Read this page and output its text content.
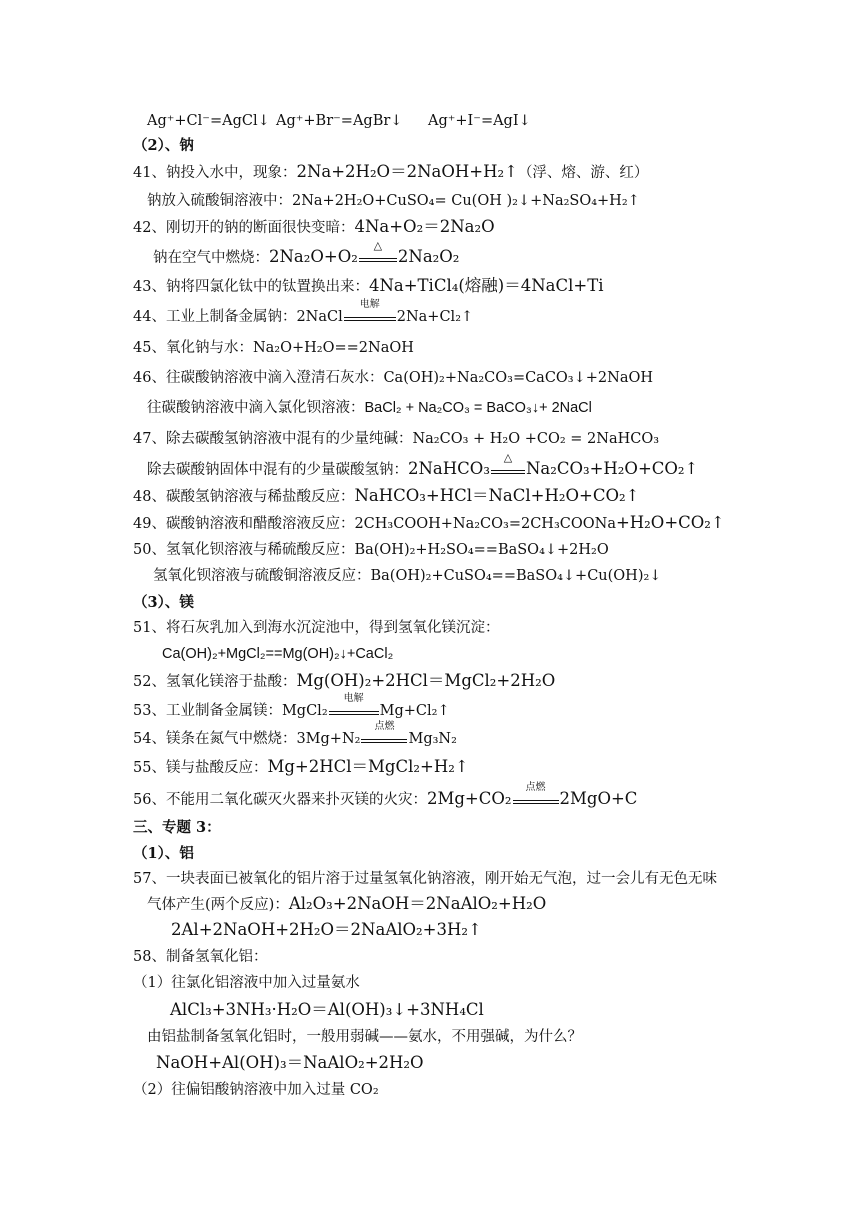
Ag⁺+Cl⁻=AgCl↓ Ag⁺+Br⁻=AgBr↓ Ag⁺+I⁻=AgI↓
（2）、钠
41、钠投入水中，现象：2Na+2H₂O＝2NaOH+H₂↑（浮、熔、游、红）
钠放入硫酸铜溶液中：2Na+2H₂O+CuSO₄= Cu(OH )₂↓+Na₂SO₄+H₂↑
42、刚切开的钠的断面很快变暗：4Na+O₂＝2Na₂O
钠在空气中燃烧：2Na₂O+O₂
△
2Na₂O₂
43、钠将四氯化钛中的钛置换出来：4Na+TiCl₄(熔融)＝4NaCl+Ti
44、工业上制备金属钠：2NaCl
电解
2Na+Cl₂↑
45、氧化钠与水：Na₂O+H₂O==2NaOH
46、往碳酸钠溶液中滴入澄清石灰水：Ca(OH)₂+Na₂CO₃=CaCO₃↓+2NaOH
往碳酸钠溶液中滴入氯化钡溶液：BaCl₂ + Na₂CO₃ = BaCO₃↓+ 2NaCl
47、除去碳酸氢钠溶液中混有的少量纯碱：Na₂CO₃ + H₂O +CO₂ = 2NaHCO₃
除去碳酸钠固体中混有的少量碳酸氢钠：2NaHCO₃
△
Na₂CO₃+H₂O+CO₂↑
48、碳酸氢钠溶液与稀盐酸反应：NaHCO₃+HCl＝NaCl+H₂O+CO₂↑
49、碳酸钠溶液和醋酸溶液反应：2CH₃COOH+Na₂CO₃=2CH₃COONa+H₂O+CO₂↑
50、氢氧化钡溶液与稀硫酸反应：Ba(OH)₂+H₂SO₄==BaSO₄↓+2H₂O
氢氧化钡溶液与硫酸铜溶液反应：Ba(OH)₂+CuSO₄==BaSO₄↓+Cu(OH)₂↓
（3）、镁
51、将石灰乳加入到海水沉淀池中，得到氢氧化镁沉淀：
Ca(OH)₂+MgCl₂==Mg(OH)₂↓+CaCl₂
52、氢氧化镁溶于盐酸：Mg(OH)₂+2HCl＝MgCl₂+2H₂O
53、工业制备金属镁：MgCl₂
电解
Mg+Cl₂↑
54、镁条在氮气中燃烧：3Mg+N₂
点燃
Mg₃N₂
55、镁与盐酸反应：Mg+2HCl＝MgCl₂+H₂↑
56、不能用二氧化碳灭火器来扑灭镁的火灾：2Mg+CO₂
点燃
2MgO+C
三、专题 3：
（1）、铝
57、一块表面已被氧化的铝片溶于过量氢氧化钠溶液，刚开始无气泡，过一会儿有无色无味
气体产生(两个反应)：Al₂O₃+2NaOH＝2NaAlO₂+H₂O
2Al+2NaOH+2H₂O＝2NaAlO₂+3H₂↑
58、制备氢氧化铝：
（1）往氯化铝溶液中加入过量氨水
AlCl₃+3NH₃·H₂O＝Al(OH)₃↓+3NH₄Cl
由铝盐制备氢氧化铝时，一般用弱碱——氨水，不用强碱，为什么？
NaOH+Al(OH)₃＝NaAlO₂+2H₂O
（2）往偏铝酸钠溶液中加入过量 CO₂
